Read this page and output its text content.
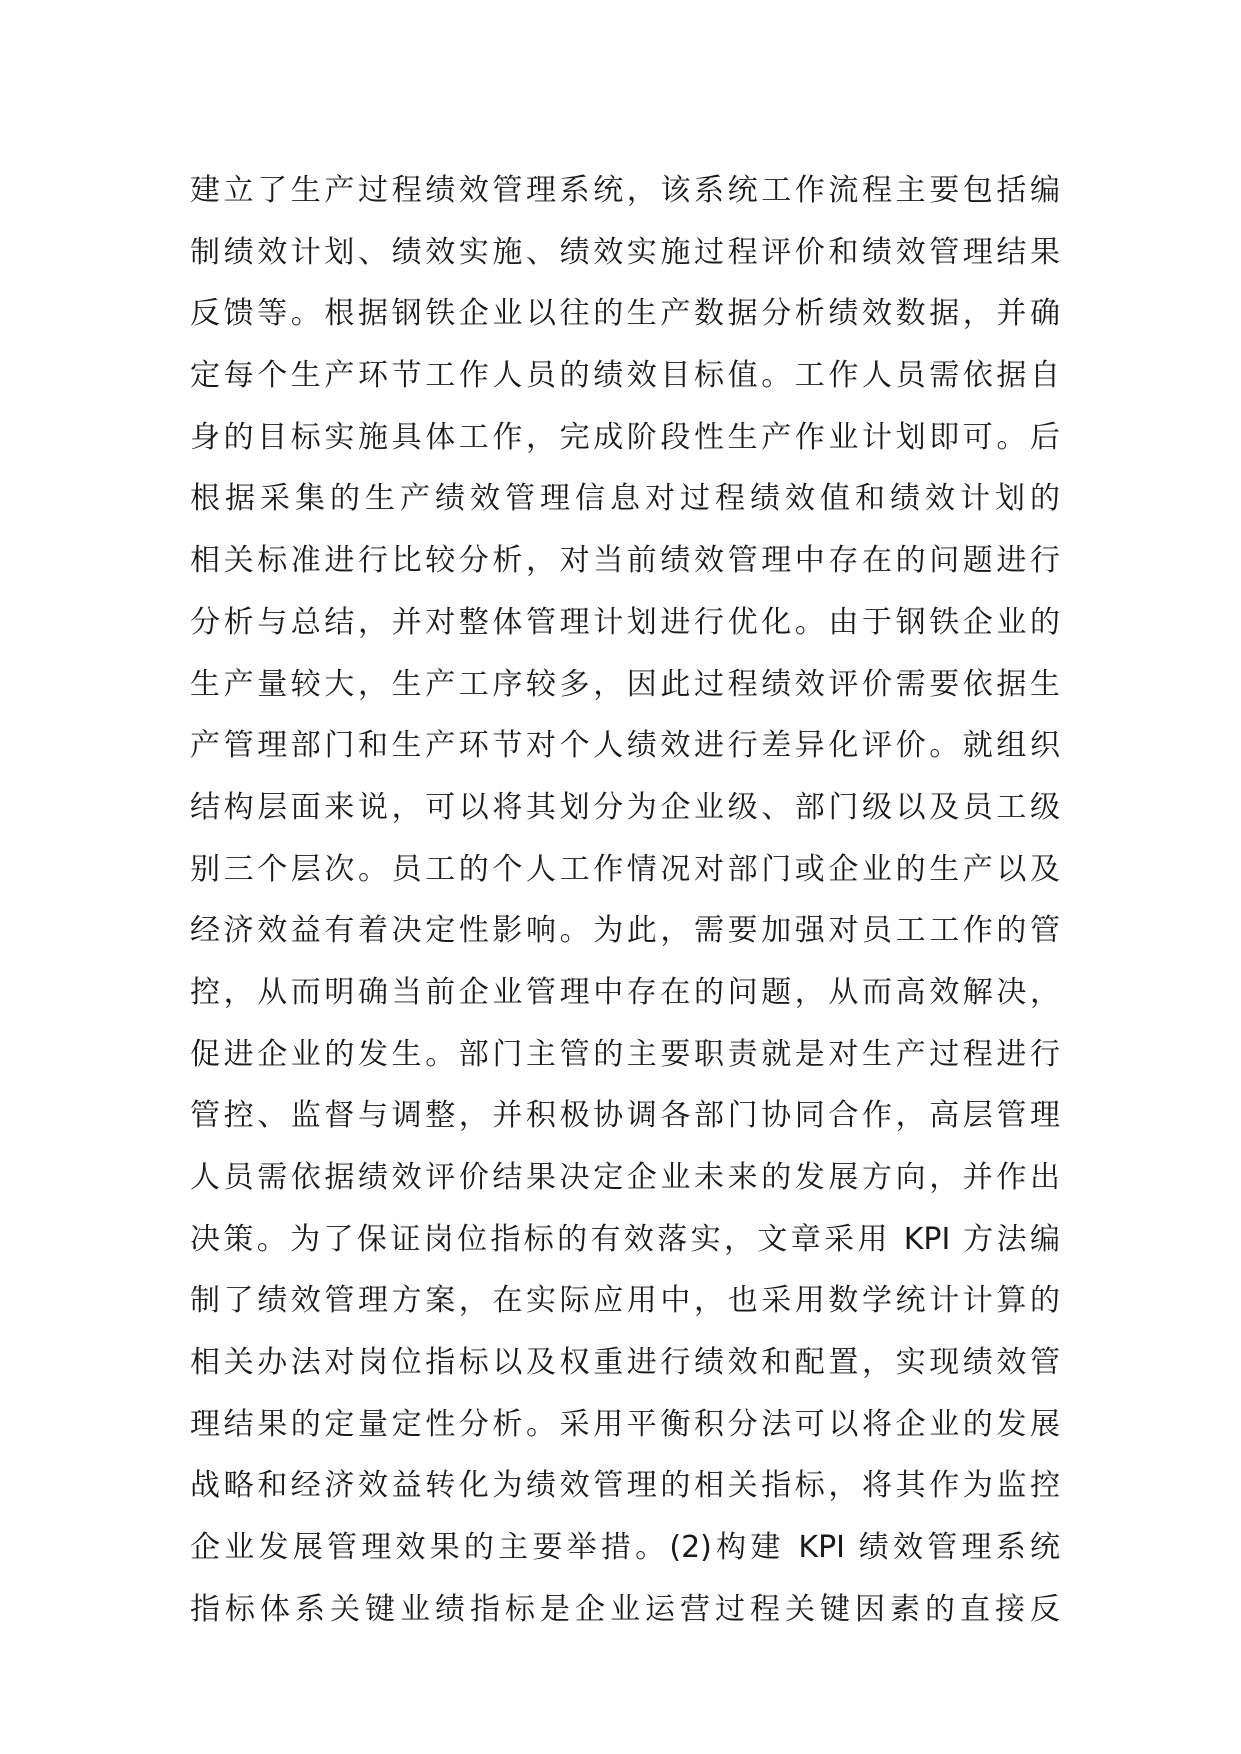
建立了生产过程绩效管理系统，该系统工作流程主要包括编
制绩效计划、绩效实施、绩效实施过程评价和绩效管理结果
反馈等。根据钢铁企业以往的生产数据分析绩效数据，并确
定每个生产环节工作人员的绩效目标值。工作人员需依据自
身的目标实施具体工作，完成阶段性生产作业计划即可。后
根据采集的生产绩效管理信息对过程绩效值和绩效计划的
相关标准进行比较分析，对当前绩效管理中存在的问题进行
分析与总结，并对整体管理计划进行优化。由于钢铁企业的
生产量较大，生产工序较多，因此过程绩效评价需要依据生
产管理部门和生产环节对个人绩效进行差异化评价。就组织
结构层面来说，可以将其划分为企业级、部门级以及员工级
别三个层次。员工的个人工作情况对部门或企业的生产以及
经济效益有着决定性影响。为此，需要加强对员工工作的管
控，从而明确当前企业管理中存在的问题，从而高效解决，
促进企业的发生。部门主管的主要职责就是对生产过程进行
管控、监督与调整，并积极协调各部门协同合作，高层管理
人员需依据绩效评价结果决定企业未来的发展方向，并作出
决策。为了保证岗位指标的有效落实，文章采用 KPI 方法编
制了绩效管理方案，在实际应用中，也采用数学统计计算的
相关办法对岗位指标以及权重进行绩效和配置，实现绩效管
理结果的定量定性分析。采用平衡积分法可以将企业的发展
战略和经济效益转化为绩效管理的相关指标，将其作为监控
企业发展管理效果的主要举措。(2)构建 KPI 绩效管理系统
指标体系关键业绩指标是企业运营过程关键因素的直接反
